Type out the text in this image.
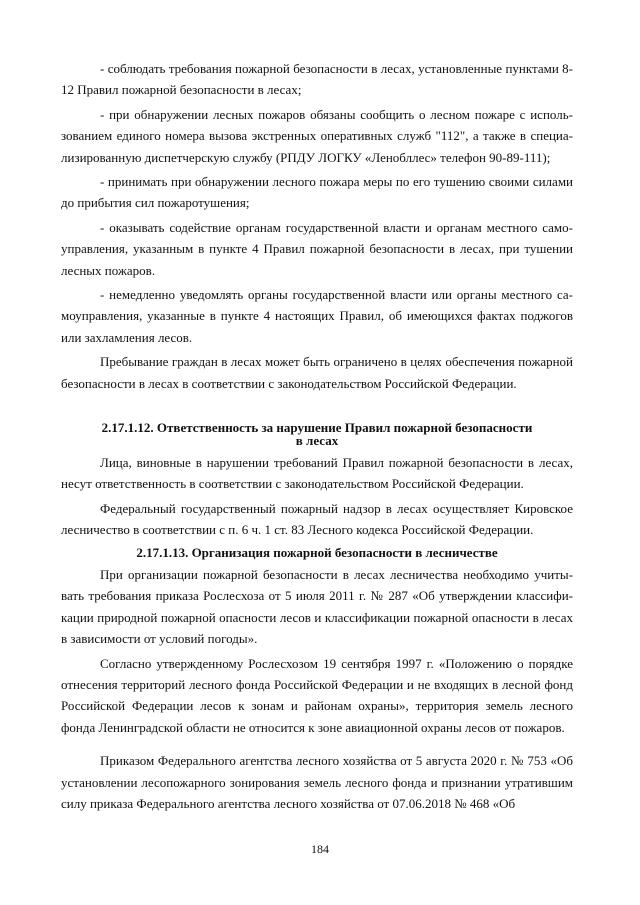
- соблюдать требования пожарной безопасности в лесах, установленные пунктами 8-12 Правил пожарной безопасности в лесах;

- при обнаружении лесных пожаров обязаны сообщить о лесном пожаре с использованием единого номера вызова экстренных оперативных служб "112", а также в специализированную диспетчерскую службу (РПДУ ЛОГКУ «Ленобллес» телефон 90-89-111);

- принимать при обнаружении лесного пожара меры по его тушению своими силами до прибытия сил пожаротушения;

- оказывать содействие органам государственной власти и органам местного самоуправления, указанным в пункте 4 Правил пожарной безопасности в лесах, при тушении лесных пожаров.

- немедленно уведомлять органы государственной власти или органы местного самоуправления, указанные в пункте 4 настоящих Правил, об имеющихся фактах поджогов или захламления лесов.

Пребывание граждан в лесах может быть ограничено в целях обеспечения пожарной безопасности в лесах в соответствии с законодательством Российской Федерации.

2.17.1.12. Ответственность за нарушение Правил пожарной безопасности
в лесах

Лица, виновные в нарушении требований Правил пожарной безопасности в лесах, несут ответственность в соответствии с законодательством Российской Федерации.

Федеральный государственный пожарный надзор в лесах осуществляет Кировское лесничество в соответствии с п. 6 ч. 1 ст. 83 Лесного кодекса Российской Федерации.

2.17.1.13. Организация пожарной безопасности в лесничестве

При организации пожарной безопасности в лесах лесничества необходимо учитывать требования приказа Рослесхоза от 5 июля 2011 г. № 287 «Об утверждении классификации природной пожарной опасности лесов и классификации пожарной опасности в лесах в зависимости от условий погоды».

Согласно утвержденному Рослесхозом 19 сентября 1997 г. «Положению о порядке отнесения территорий лесного фонда Российской Федерации и не входящих в лесной фонд Российской Федерации лесов к зонам и районам охраны», территория земель лесного фонда Ленинградской области не относится к зоне авиационной охраны лесов от пожаров.

Приказом Федерального агентства лесного хозяйства от 5 августа 2020 г. № 753 «Об установлении лесопожарного зонирования земель лесного фонда и признании утратившим силу приказа Федерального агентства лесного хозяйства от 07.06.2018 № 468 «Об

184
